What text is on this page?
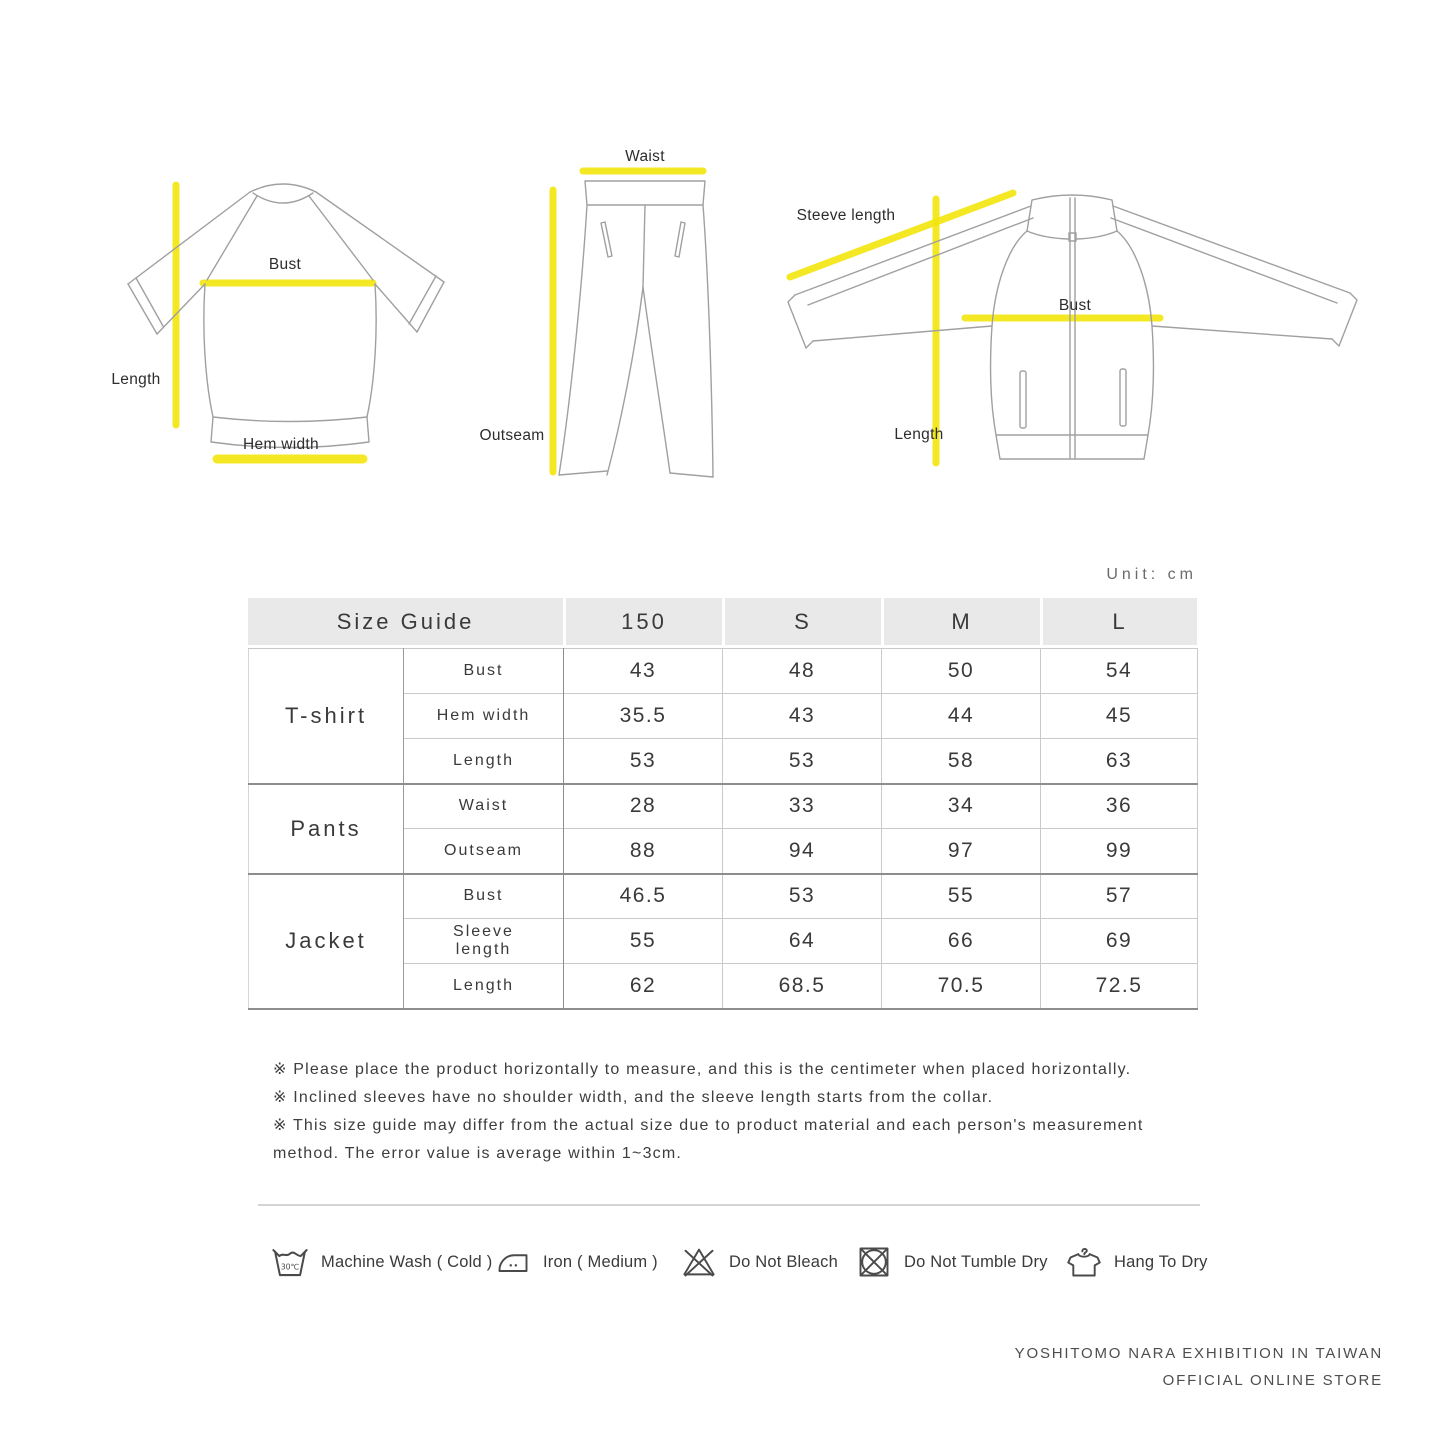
Bust
Length
Hem width
Waist
Outseam
Steeve length
Bust
Length
Unit: cm
Size Guide	150	S	M	L
T-shirt	Bust	43	48	50	54
	Hem width	35.5	43	44	45
	Length	53	53	58	63
Pants	Waist	28	33	34	36
	Outseam	88	94	97	99
Jacket	Bust	46.5	53	55	57
	Sleeve length	55	64	66	69
	Length	62	68.5	70.5	72.5

※ Please place the product horizontally to measure, and this is the centimeter when placed horizontally.

※ Inclined sleeves have no shoulder width, and the sleeve length starts from the collar.

※ This size guide may differ from the actual size due to product material and each person's measurement method. The error value is average within 1~3cm.

30℃ Machine Wash ( Cold )	Iron ( Medium )	Do Not Bleach	Do Not Tumble Dry	Hang To Dry
YOSHITOMO NARA EXHIBITION IN TAIWAN
OFFICIAL ONLINE STORE
